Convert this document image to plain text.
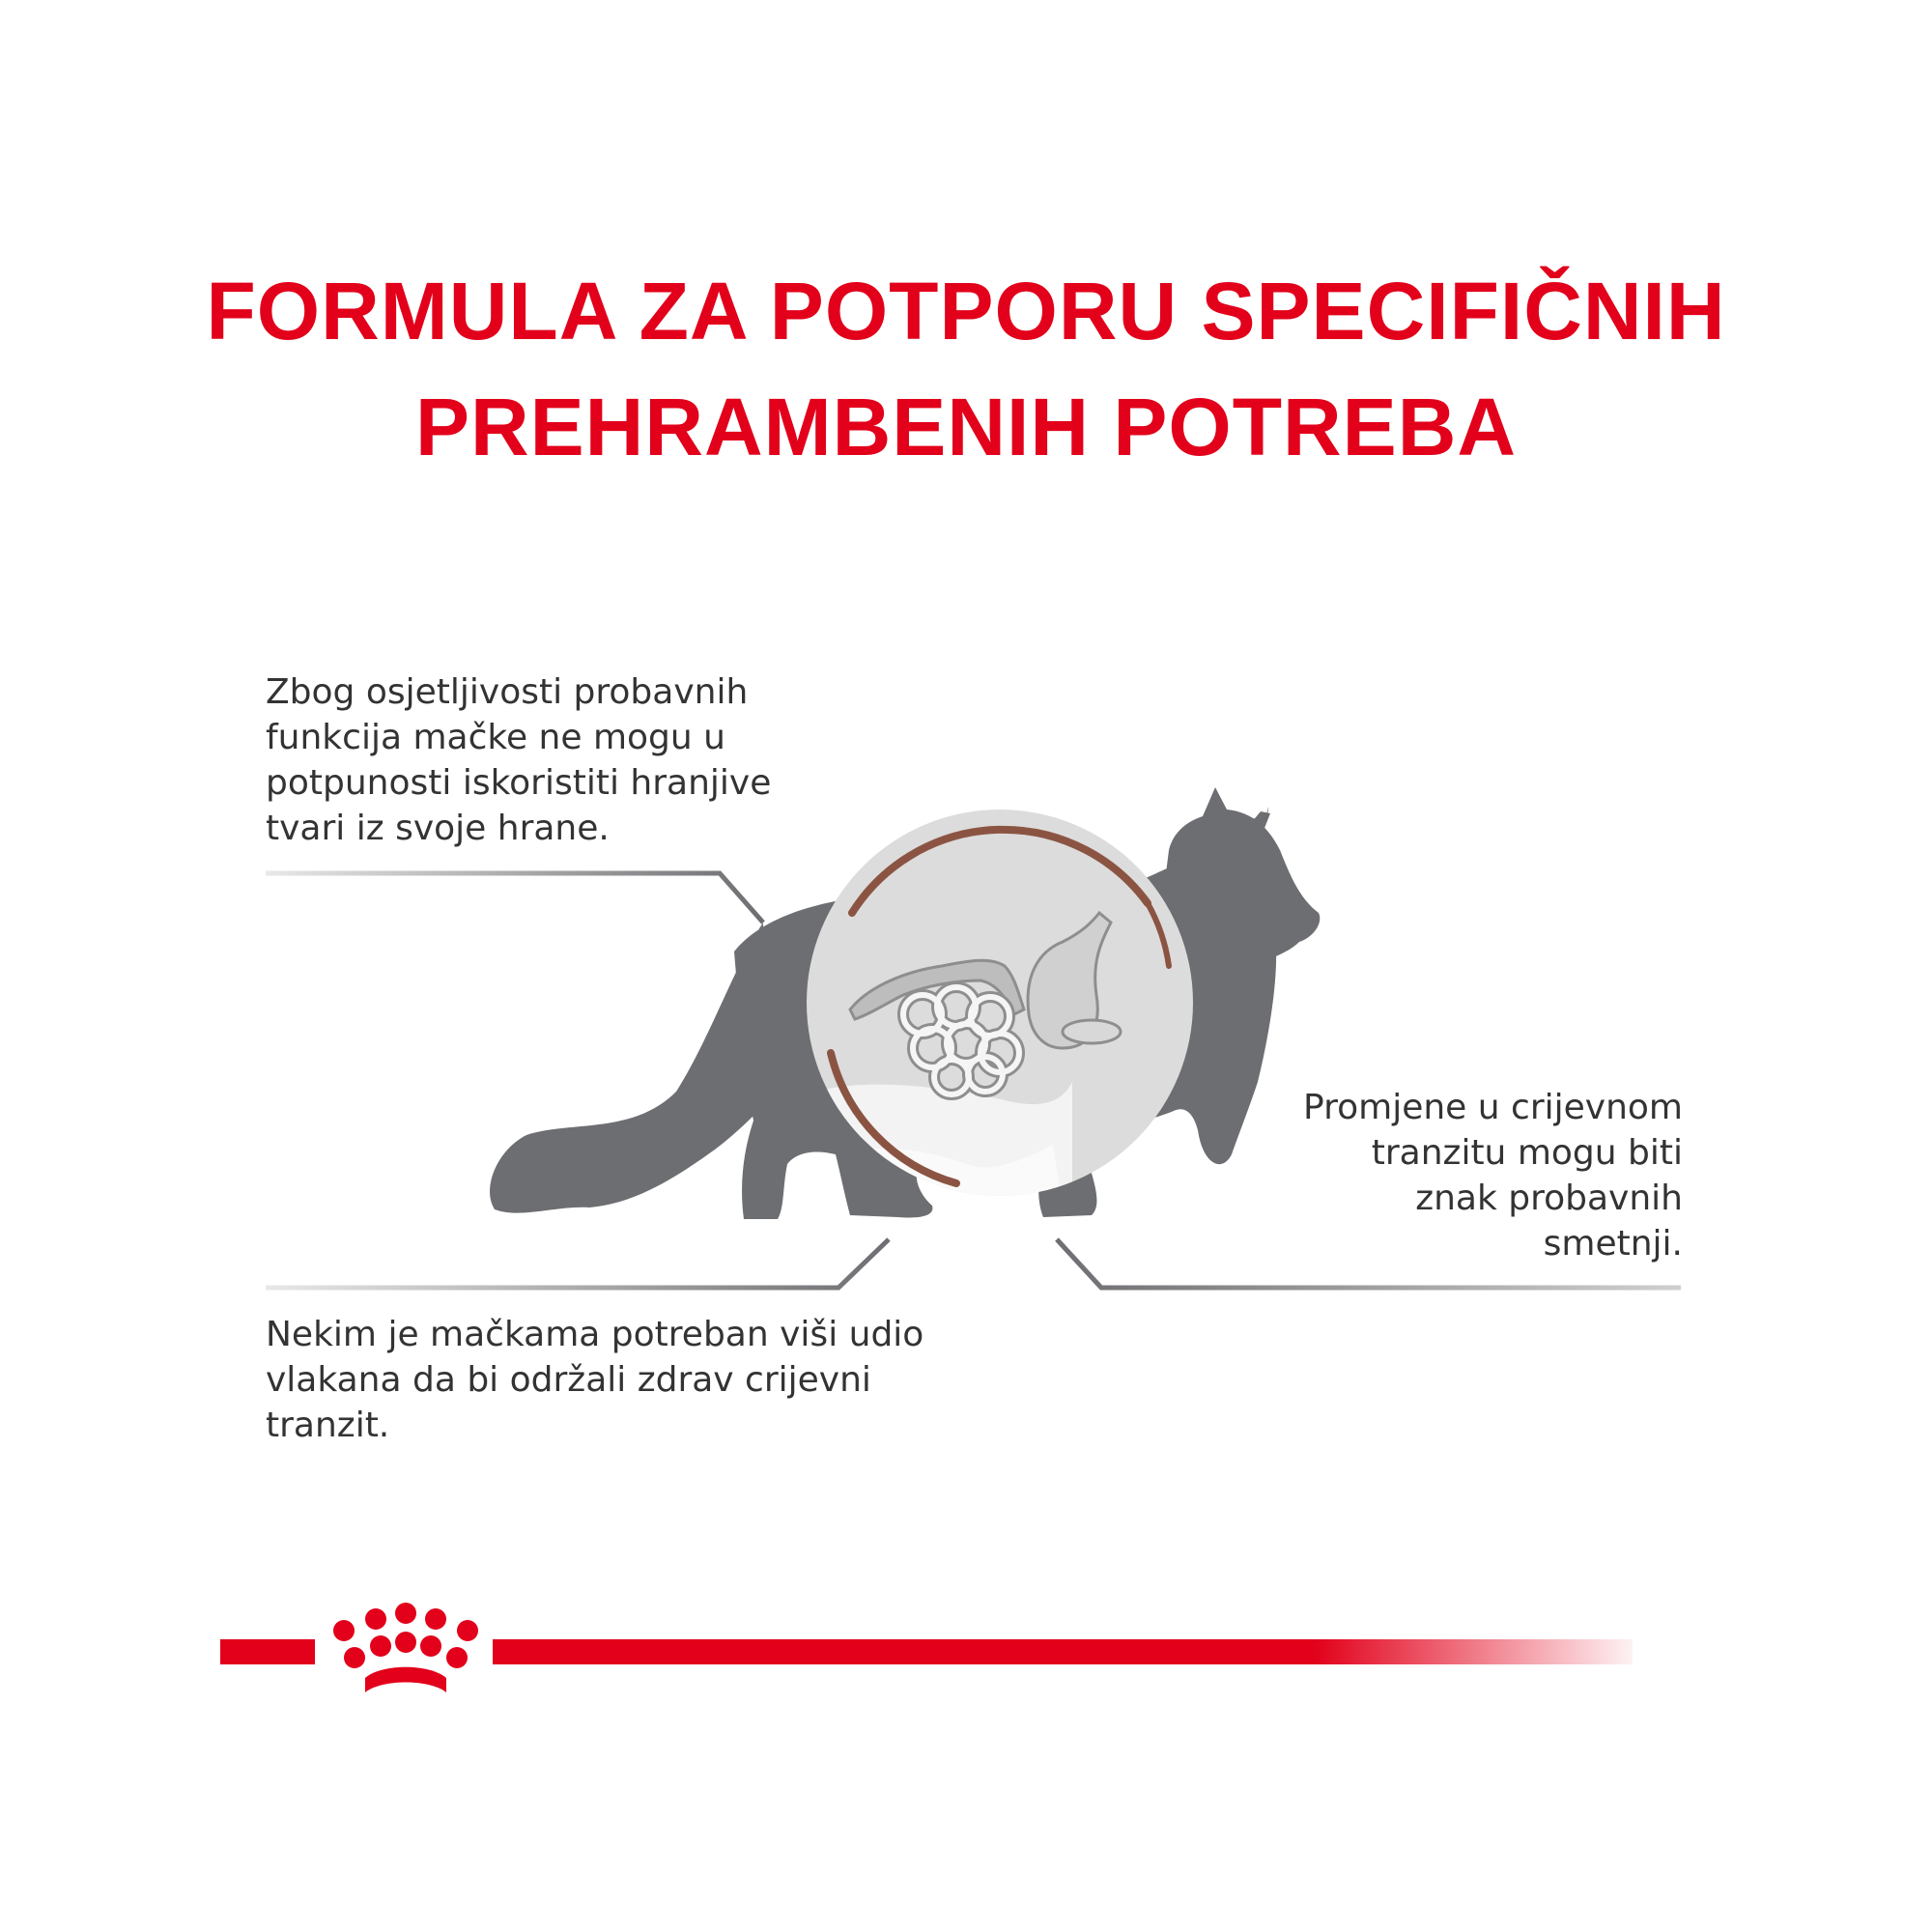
FORMULA ZA POTPORU SPECIFIČNIH
PREHRAMBENIH POTREBA

Zbog osjetljivosti probavnih
funkcija mačke ne mogu u
potpunosti iskoristiti hranjive
tvari iz svoje hrane.

Promjene u crijevnom
tranzitu mogu biti
znak probavnih
smetnji.

Nekim je mačkama potreban viši udio
vlakana da bi održali zdrav crijevni
tranzit.
